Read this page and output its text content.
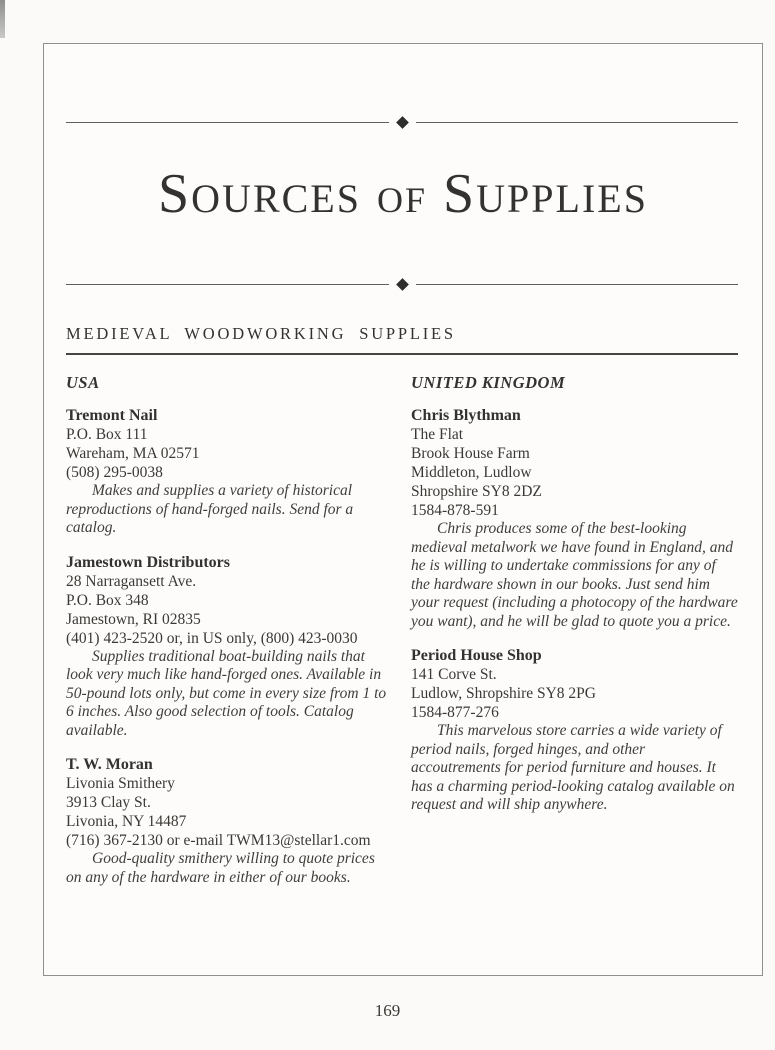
SOURCES OF SUPPLIES
MEDIEVAL WOODWORKING SUPPLIES
USA
Tremont Nail
P.O. Box 111
Wareham, MA 02571
(508) 295-0038

Makes and supplies a variety of historical reproductions of hand-forged nails. Send for a catalog.

Jamestown Distributors
28 Narragansett Ave.
P.O. Box 348
Jamestown, RI 02835
(401) 423-2520 or, in US only, (800) 423-0030

Supplies traditional boat-building nails that look very much like hand-forged ones. Available in 50-pound lots only, but come in every size from 1 to 6 inches. Also good selection of tools. Catalog available.

T. W. Moran
Livonia Smithery
3913 Clay St.
Livonia, NY 14487
(716) 367-2130 or e-mail TWM13@stellar1.com

Good-quality smithery willing to quote prices on any of the hardware in either of our books.

UNITED KINGDOM
Chris Blythman
The Flat
Brook House Farm
Middleton, Ludlow
Shropshire SY8 2DZ
1584-878-591

Chris produces some of the best-looking medieval metalwork we have found in England, and he is willing to undertake commissions for any of the hardware shown in our books. Just send him your request (including a photocopy of the hardware you want), and he will be glad to quote you a price.

Period House Shop
141 Corve St.
Ludlow, Shropshire SY8 2PG
1584-877-276

This marvelous store carries a wide variety of period nails, forged hinges, and other accoutrements for period furniture and houses. It has a charming period-looking catalog available on request and will ship anywhere.

169
